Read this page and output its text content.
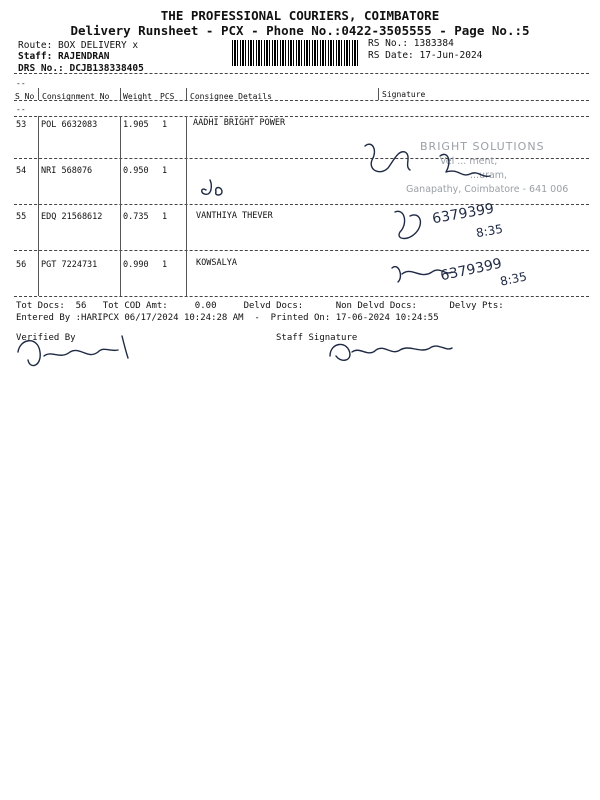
THE PROFESSIONAL COURIERS, COIMBATORE
Delivery Runsheet - PCX - Phone No.:0422-3505555 - Page No.:5
Route: BOX DELIVERY x
Staff: RAJENDRAN
DRS No.: DCJB138338405
RS No.: 1383384
RS Date: 17-Jun-2024
--
--
S No Consignment No Weight PCS Consignee Details	Signature
53 POL 6632083	1.905 1	AADHI BRIGHT POWER
54 NRI 568076	0.950 1
55 EDQ 21568612 0.735 1	VANTHIYA THEVER
56 PGT 7224731	0.990 1	KOWSALYA
BRIGHT SOLUTIONS
Vel ... ment,
...uram,
Ganapathy, Coimbatore - 641 006
6379399
8:35
6379399
8:35
Tot Docs:  56   Tot COD Amt:     0.00     Delvd Docs:      Non Delvd Docs:      Delvy Pts:
Entered By :HARIPCX 06/17/2024 10:24:28 AM  -  Printed On: 17-06-2024 10:24:55
Verified By	Staff Signature
